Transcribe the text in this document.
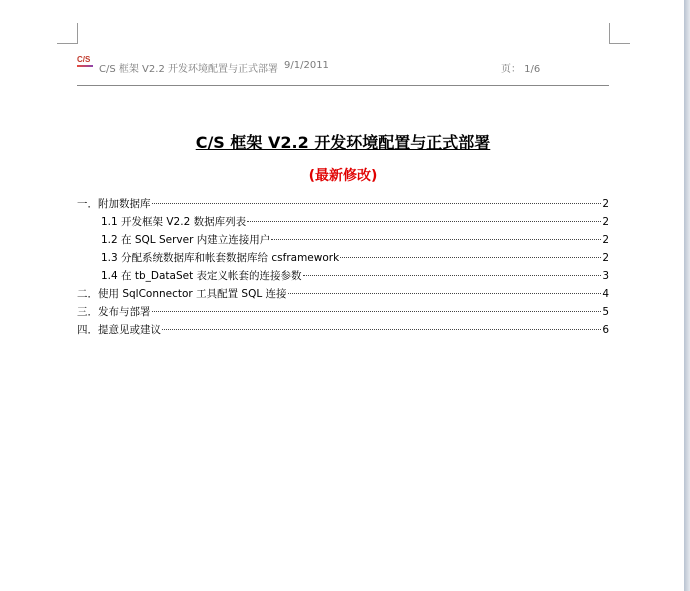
C/S
C/S 框架 V2.2 开发环境配置与正式部署 9/1/2011	页： 1/6
C/S 框架 V2.2 开发环境配置与正式部署
(最新修改)
一．附加数据库	2
1.1 开发框架 V2.2 数据库列表	2
1.2 在 SQL Server 内建立连接用户	2
1.3 分配系统数据库和帐套数据库给 csframework	2
1.4 在 tb_DataSet 表定义帐套的连接参数	3
二．使用 SqlConnector 工具配置 SQL 连接	4
三．发布与部署	5
四．提意见或建议	6
